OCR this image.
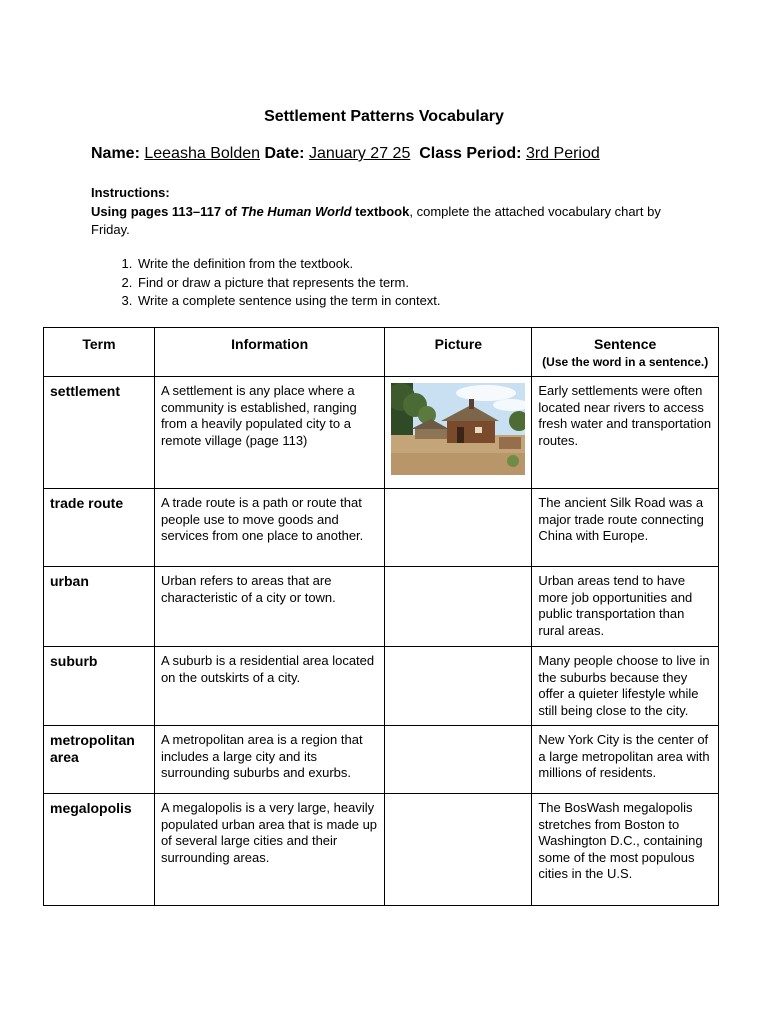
Settlement Patterns Vocabulary
Name: Leeasha Bolden Date: January 27 25 Class Period: 3rd Period
Instructions:
Using pages 113–117 of The Human World textbook, complete the attached vocabulary chart by Friday.
1. Write the definition from the textbook.
2. Find or draw a picture that represents the term.
3. Write a complete sentence using the term in context.
Term	Information	Picture	Sentence
(Use the word in a sentence.)

settlement	A settlement is any place where a community is established, ranging from a heavily populated city to a remote village (page 113)		Early settlements were often located near rivers to access fresh water and transportation routes.
trade route	A trade route is a path or route that people use to move goods and services from one place to another.		The ancient Silk Road was a major trade route connecting China with Europe.
urban	Urban refers to areas that are characteristic of a city or town.		Urban areas tend to have more job opportunities and public transportation than rural areas.
suburb	A suburb is a residential area located on the outskirts of a city.		Many people choose to live in the suburbs because they offer a quieter lifestyle while still being close to the city.
metropolitan area	A metropolitan area is a region that includes a large city and its surrounding suburbs and exurbs.		New York City is the center of a large metropolitan area with millions of residents.
megalopolis	A megalopolis is a very large, heavily populated urban area that is made up of several large cities and their surrounding areas.		The BosWash megalopolis stretches from Boston to Washington D.C., containing some of the most populous cities in the U.S.
